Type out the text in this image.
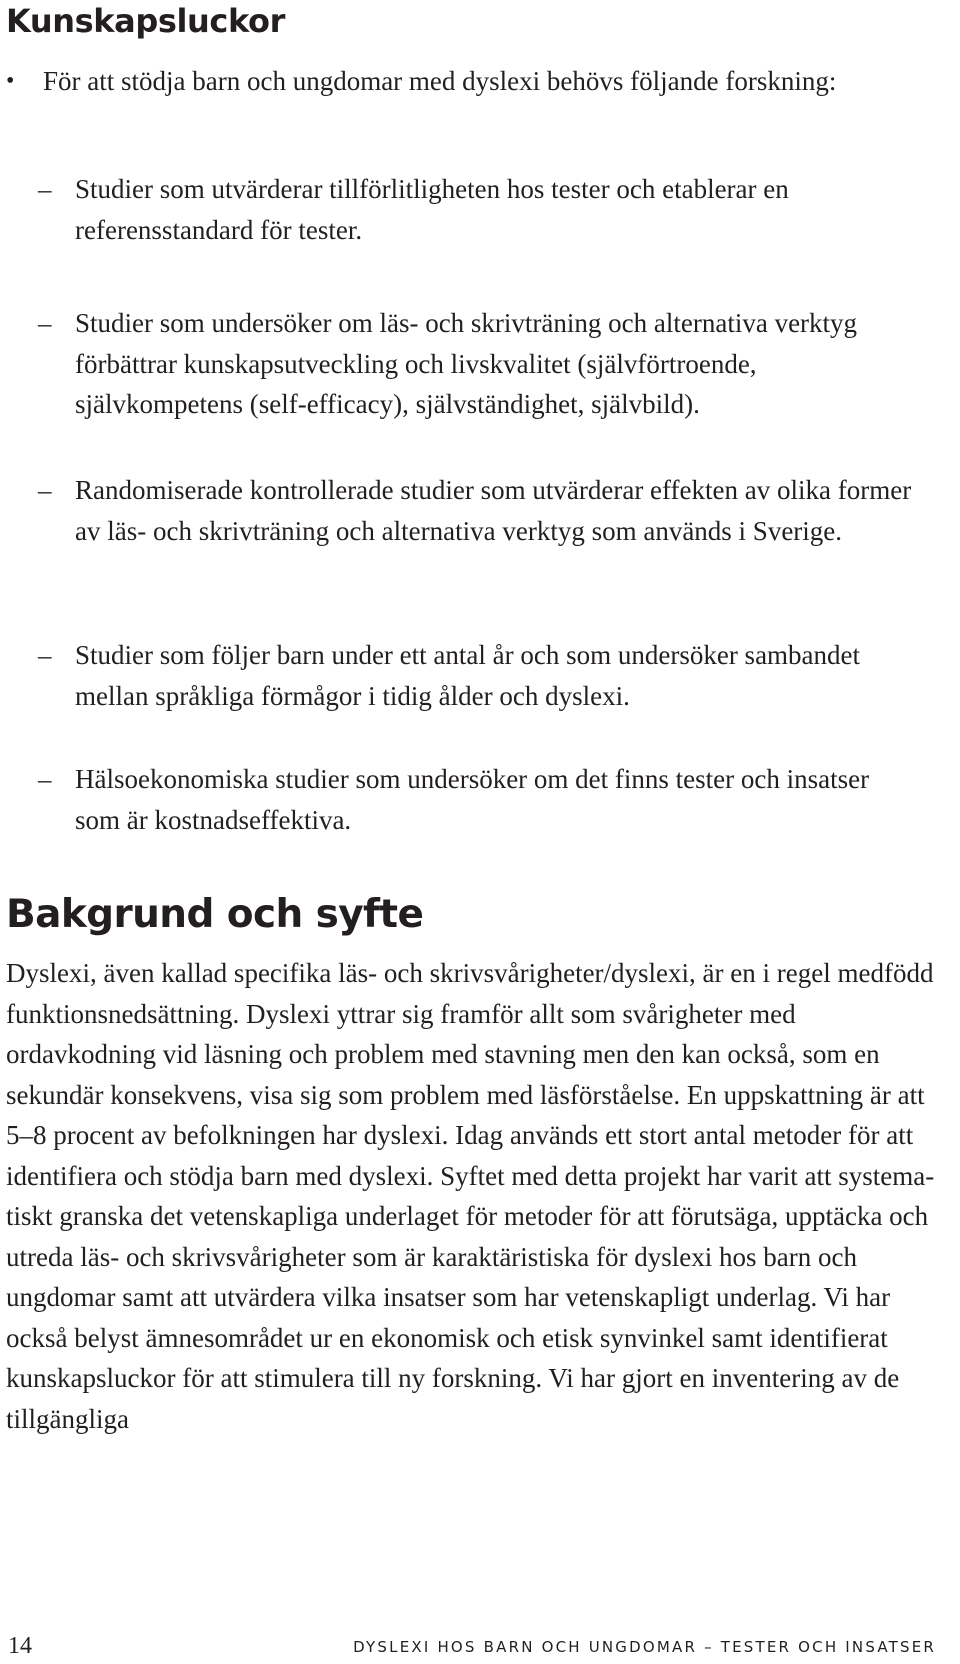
Kunskapsluckor
• För att stödja barn och ungdomar med dyslexi behövs följande forskning:
– Studier som utvärderar tillförlitligheten hos tester och etablerar en referensstandard för tester.
– Studier som undersöker om läs- och skrivträning och alternativa verktyg förbättrar kunskapsutveckling och livskvalitet (självförtroende, självkompetens (self-efficacy), självständighet, självbild).
– Randomiserade kontrollerade studier som utvärderar effekten av olika former av läs- och skrivträning och alternativa verktyg som används i Sverige.
– Studier som följer barn under ett antal år och som undersöker sambandet mellan språkliga förmågor i tidig ålder och dyslexi.
– Hälsoekonomiska studier som undersöker om det finns tester och insatser som är kostnadseffektiva.
Bakgrund och syfte

Dyslexi, även kallad specifika läs- och skrivsvårigheter/dyslexi, är en i regel medfödd funktionsnedsättning. Dyslexi yttrar sig framför allt som svårigheter med ordavkodning vid läsning och problem med stavning men den kan också, som en sekundär konsekvens, visa sig som problem med läsförståelse. En uppskattning är att 5–8 procent av befolkningen har dyslexi. Idag används ett stort antal metoder för att identifiera och stödja barn med dyslexi. Syftet med detta projekt har varit att systematiskt granska det vetenskapliga underlaget för metoder för att förutsäga, upptäcka och utreda läs- och skrivsvårigheter som är karaktäristiska för dyslexi hos barn och ungdomar samt att utvärdera vilka insatser som har vetenskapligt underlag. Vi har också belyst ämnesområdet ur en ekonomisk och etisk synvinkel samt identifierat kunskapsluckor för att stimulera till ny forskning. Vi har gjort en inventering av de tillgängliga

14	DYSLEXI HOS BARN OCH UNGDOMAR – TESTER OCH INSATSER
